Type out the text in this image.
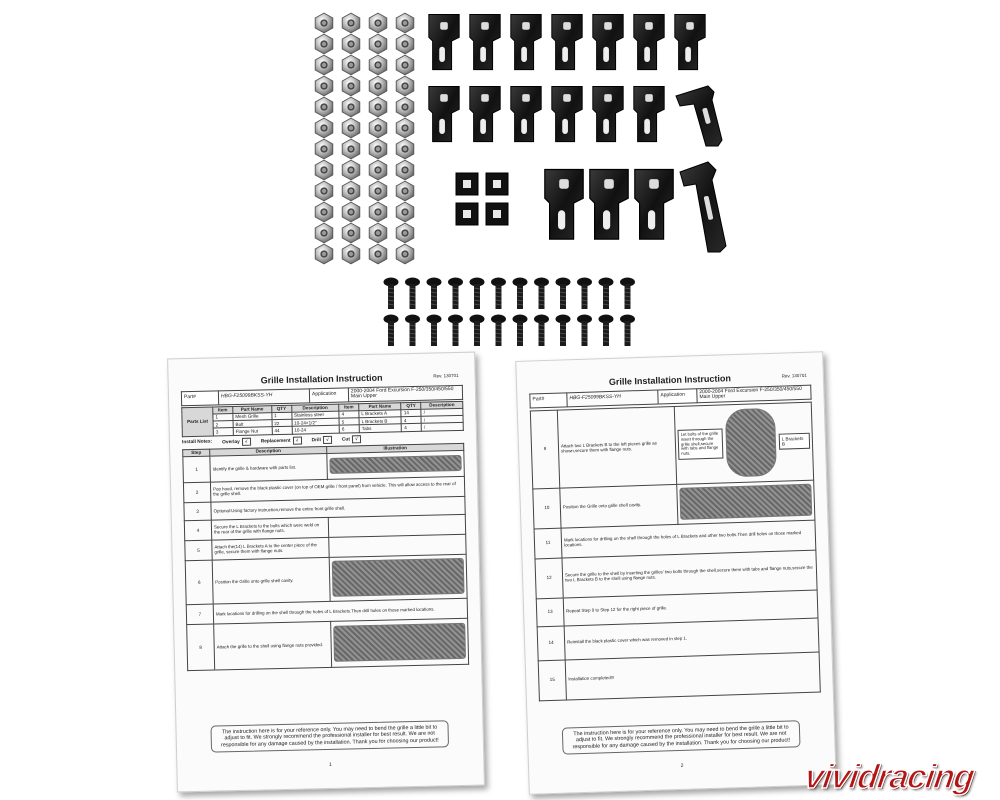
Rev. 130701
Grille Installation Instruction
Part#	HBG-F25099BKSS-YH	Application	2000-2004 Ford Excursion F-250/350/450/550 Main Upper
Parts List	Item	Part Name	QTY	Description	Item	Part Name	QTY	Description
	1	Mesh Grille	1	Stainless steel	4	L Brackets A	14	/
	2	Bolt	22	10-24×1/2"	5	L Brackets B	4	/
	3	Flange Nut	44	10-24	6	Tabs	4	/
Install Notes: Overlay √	Replacement √	Drill √	Cut √
Step	Description	Illustration
1	Identify the grille & hardware with parts list.	

2	Pop hood, remove the black plastic cover (on top of OEM grille / front panel) from vehicle. This will allow access to the rear of the grille shell.	
3	Optional:Using factory instruction,remove the entire front grille shell.	
4	Secure the L Brackets to the bolts which were weld on the rear of the grille with flange nuts.	
5	Attach the(14) L Brackets A to the center piece of the grille, secure them with flange nuts.	
6	Position the Grille onto grille shell cavity.	

7	Mark locations for drilling on the shell through the holes of L Brackets.Then drill holes on those marked locations.	
8	Attach the grille to the shell using flange nuts provided.	
The instruction here is for your reference only. You may need to bend the grille a little bit to adjust to fit. We strongly recommend the professional installer for best result. We are not responsible for any damage caused by the installation. Thank you for choosing our product!
1
Rev. 130701
Grille Installation Instruction
Part#	HBG-F25099BKSS-YH	Application	2000-2004 Ford Excursion F-250/350/450/550 Main Upper
9	Attach two L Brackets B to the left pieces grille as shown,secure them with flange nuts.	Let bolts of the grille insert through the grille shell,secure with tabs and flange nuts.
L Brackets B

10	Position the Grille onto grille shell cavity.	

11	Mark locations for drilling on the shell through the holes of L Brackets and other two bolts.Then drill holes on those marked locations.	
12	Secure the grille to the shell by inserting the grilles' two bolts through the shell,secure them with tabs and flange nuts,secure the two L Brackets B to the shell using flange nuts.	
13	Repeat Step 9 to Step 12 for the right piece of grille.	
14	Reinstall the black plastic cover which was removed in step 1.	
15	Installation completed!!!	
The instruction here is for your reference only. You may need to bend the grille a little bit to adjust to fit. We strongly recommend the professional installer for best result. We are not responsible for any damage caused by the installation. Thank you for choosing our product!
2	vividracing
